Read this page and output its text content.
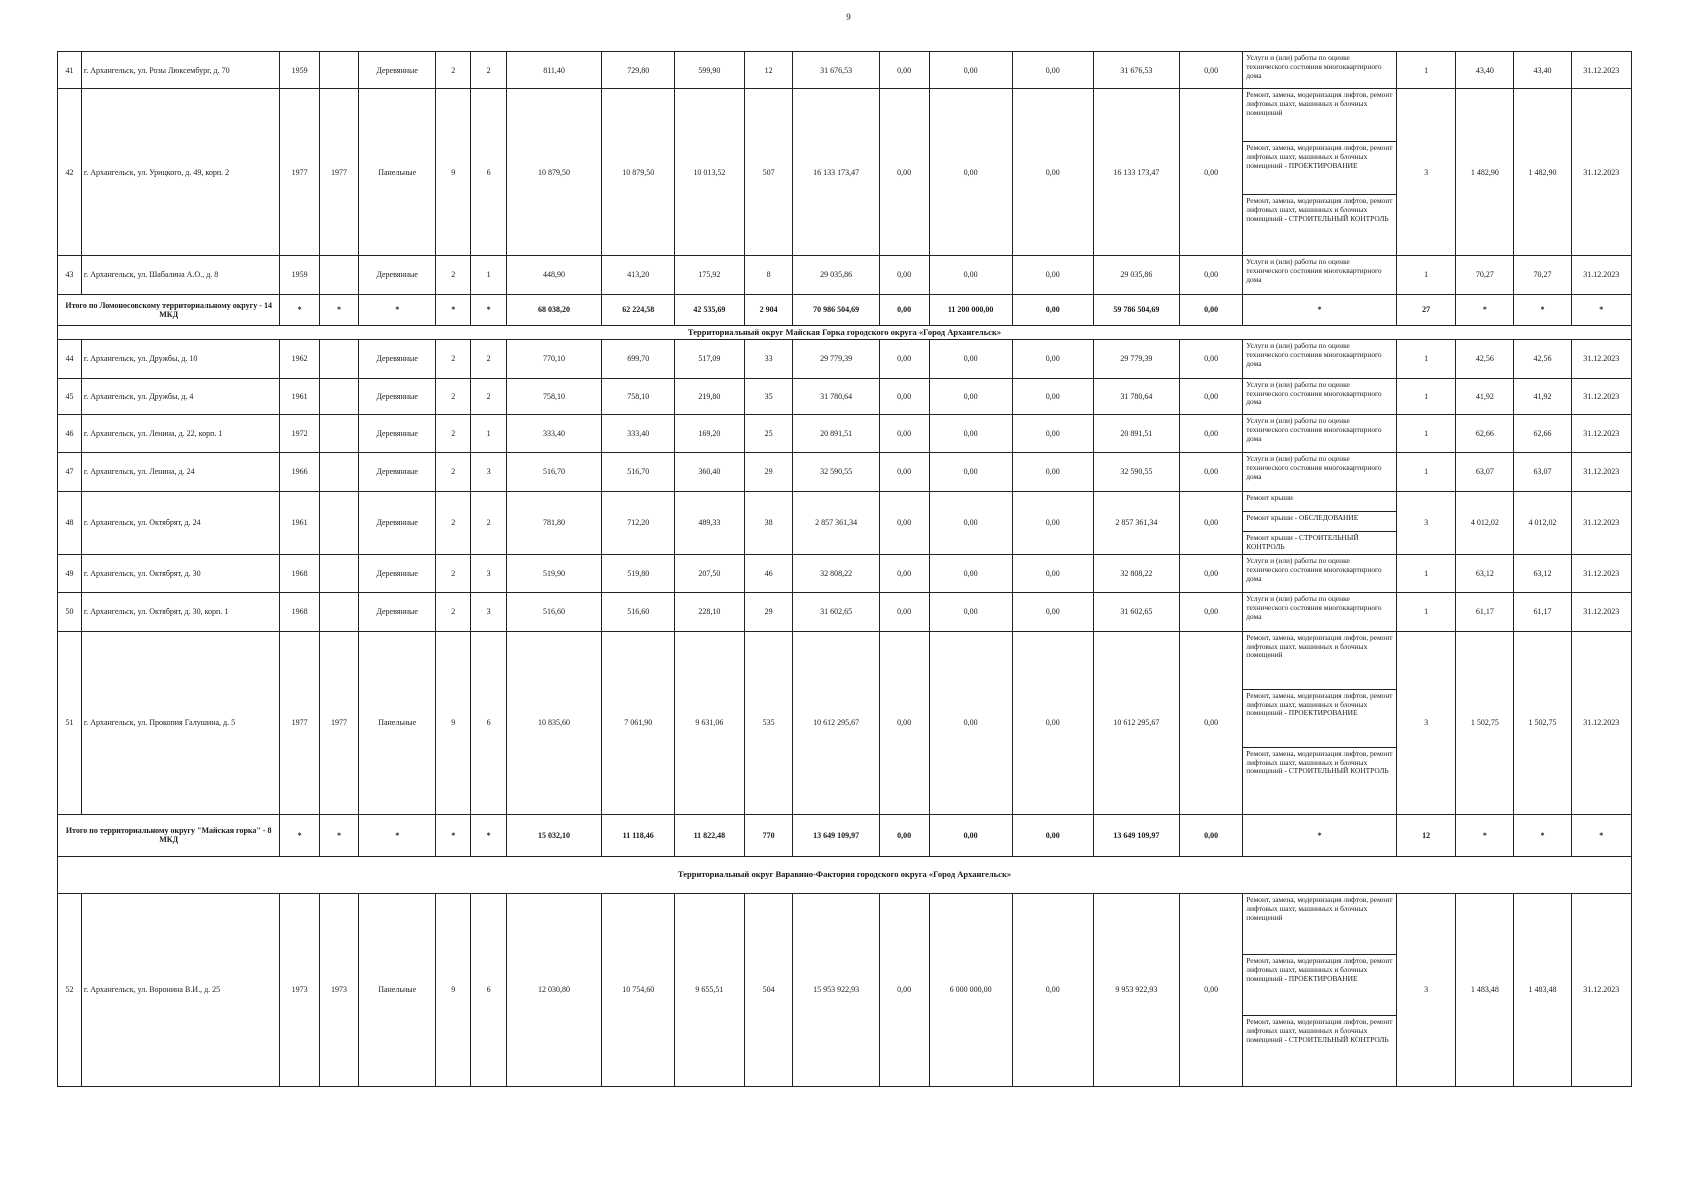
9
41	г. Архангельск, ул. Розы Люксембург, д. 70	1959		Деревянные	2	2	811,40	729,80	599,90	12	31 676,53	0,00	0,00	0,00	31 676,53	0,00	Услуги и (или) работы по оценке технического состояния многоквартирного дома	1	43,40	43,40	31.12.2023
42	г. Архангельск, ул. Урицкого, д. 49, корп. 2	1977	1977	Панельные	9	6	10 879,50	10 879,50	10 013,52	507	16 133 173,47	0,00	0,00	0,00	16 133 173,47	0,00	Ремонт, замена, модернизация лифтов, ремонт лифтовых шахт, машинных и блочных помещений
Ремонт, замена, модернизация лифтов, ремонт лифтовых шахт, машинных и блочных помещений - ПРОЕКТИРОВАНИЕ
Ремонт, замена, модернизация лифтов, ремонт лифтовых шахт, машинных и блочных помещений - СТРОИТЕЛЬНЫЙ КОНТРОЛЬ	3	1 482,90	1 482,90	31.12.2023
43	г. Архангельск, ул. Шабалина А.О., д. 8	1959		Деревянные	2	1	448,90	413,20	175,92	8	29 035,86	0,00	0,00	0,00	29 035,86	0,00	Услуги и (или) работы по оценке технического состояния многоквартирного дома	1	70,27	70,27	31.12.2023
Итого по Ломоносовскому территориальному округу - 14 МКД		*	*	*	*	*	68 038,20	62 224,58	42 535,69	2 904	70 986 504,69	0,00	11 200 000,00	0,00	59 786 504,69	0,00	*	27	*	*	*
Территориальный округ Майская Горка городского округа «Город Архангельск»																					
44	г. Архангельск, ул. Дружбы, д. 10	1962		Деревянные	2	2	770,10	699,70	517,09	33	29 779,39	0,00	0,00	0,00	29 779,39	0,00	Услуги и (или) работы по оценке технического состояния многоквартирного дома	1	42,56	42,56	31.12.2023
45	г. Архангельск, ул. Дружбы, д. 4	1961		Деревянные	2	2	758,10	758,10	219,80	35	31 780,64	0,00	0,00	0,00	31 780,64	0,00	Услуги и (или) работы по оценке технического состояния многоквартирного дома	1	41,92	41,92	31.12.2023
46	г. Архангельск, ул. Ленина, д. 22, корп. 1	1972		Деревянные	2	1	333,40	333,40	169,20	25	20 891,51	0,00	0,00	0,00	20 891,51	0,00	Услуги и (или) работы по оценке технического состояния многоквартирного дома	1	62,66	62,66	31.12.2023
47	г. Архангельск, ул. Ленина, д. 24	1966		Деревянные	2	3	516,70	516,70	360,40	29	32 590,55	0,00	0,00	0,00	32 590,55	0,00	Услуги и (или) работы по оценке технического состояния многоквартирного дома	1	63,07	63,07	31.12.2023
48	г. Архангельск, ул. Октябрят, д. 24	1961		Деревянные	2	2	781,80	712,20	489,33	38	2 857 361,34	0,00	0,00	0,00	2 857 361,34	0,00	Ремонт крыши
Ремонт крыши - ОБСЛЕДОВАНИЕ
Ремонт крыши - СТРОИТЕЛЬНЫЙ КОНТРОЛЬ	3	4 012,02	4 012,02	31.12.2023
49	г. Архангельск, ул. Октябрят, д. 30	1968		Деревянные	2	3	519,90	519,80	207,50	46	32 808,22	0,00	0,00	0,00	32 808,22	0,00	Услуги и (или) работы по оценке технического состояния многоквартирного дома	1	63,12	63,12	31.12.2023
50	г. Архангельск, ул. Октябрят, д. 30, корп. 1	1968		Деревянные	2	3	516,60	516,60	228,10	29	31 602,65	0,00	0,00	0,00	31 602,65	0,00	Услуги и (или) работы по оценке технического состояния многоквартирного дома	1	61,17	61,17	31.12.2023
51	г. Архангельск, ул. Прокопия Галушина, д. 5	1977	1977	Панельные	9	6	10 835,60	7 061,90	9 631,06	535	10 612 295,67	0,00	0,00	0,00	10 612 295,67	0,00	Ремонт, замена, модернизация лифтов, ремонт лифтовых шахт, машинных и блочных помещений
Ремонт, замена, модернизация лифтов, ремонт лифтовых шахт, машинных и блочных помещений - ПРОЕКТИРОВАНИЕ
Ремонт, замена, модернизация лифтов, ремонт лифтовых шахт, машинных и блочных помещений - СТРОИТЕЛЬНЫЙ КОНТРОЛЬ	3	1 502,75	1 502,75	31.12.2023
Итого по территориальному округу "Майская горка" - 8 МКД		*	*	*	*	*	15 032,10	11 118,46	11 822,48	770	13 649 109,97	0,00	0,00	0,00	13 649 109,97	0,00	*	12	*	*	*
Территориальный округ Варавино-Фактория городского округа «Город Архангельск»																					
52	г. Архангельск, ул. Воронина В.И., д. 25	1973	1973	Панельные	9	6	12 030,80	10 754,60	9 655,51	504	15 953 922,93	0,00	6 000 000,00	0,00	9 953 922,93	0,00	Ремонт, замена, модернизация лифтов, ремонт лифтовых шахт, машинных и блочных помещений
Ремонт, замена, модернизация лифтов, ремонт лифтовых шахт, машинных и блочных помещений - ПРОЕКТИРОВАНИЕ
Ремонт, замена, модернизация лифтов, ремонт лифтовых шахт, машинных и блочных помещений - СТРОИТЕЛЬНЫЙ КОНТРОЛЬ	3	1 483,48	1 483,48	31.12.2023
